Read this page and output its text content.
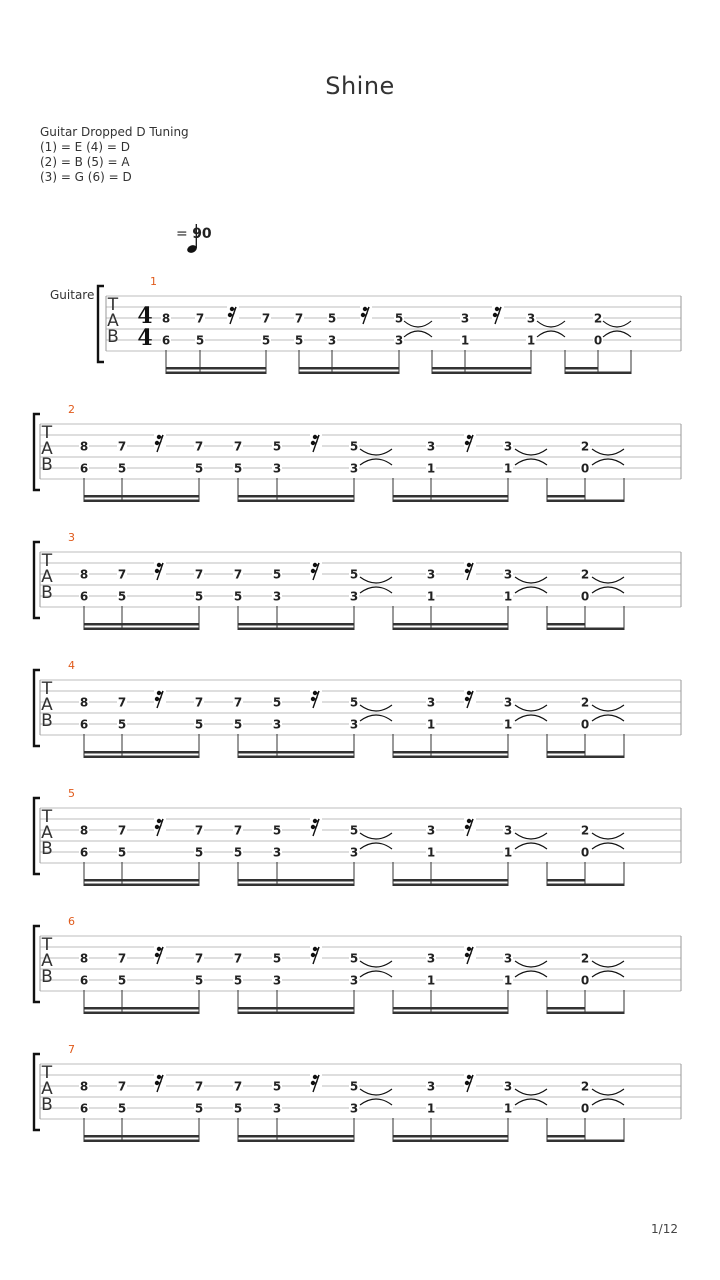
Shine
Guitar Dropped D Tuning
(1) = E (4) = D
(2) = B (5) = A
(3) = G (6) = D
= 90
Guitare T
A
B
4
4
1
8
6
7
5
7
5
7
5
5
3
5
3
3
1
3
1
2
0
T
A
B
2
8
6
7
5
7
5
7
5
5
3
5
3
3
1
3
1
2
0
T
A
B
3
8
6
7
5
7
5
7
5
5
3
5
3
3
1
3
1
2
0
T
A
B
4
8
6
7
5
7
5
7
5
5
3
5
3
3
1
3
1
2
0
T
A
B
5
8
6
7
5
7
5
7
5
5
3
5
3
3
1
3
1
2
0
T
A
B
6
8
6
7
5
7
5
7
5
5
3
5
3
3
1
3
1
2
0
T
A
B
7
8
6
7
5
7
5
7
5
5
3
5
3
3
1
3
1
2
0
1/12
